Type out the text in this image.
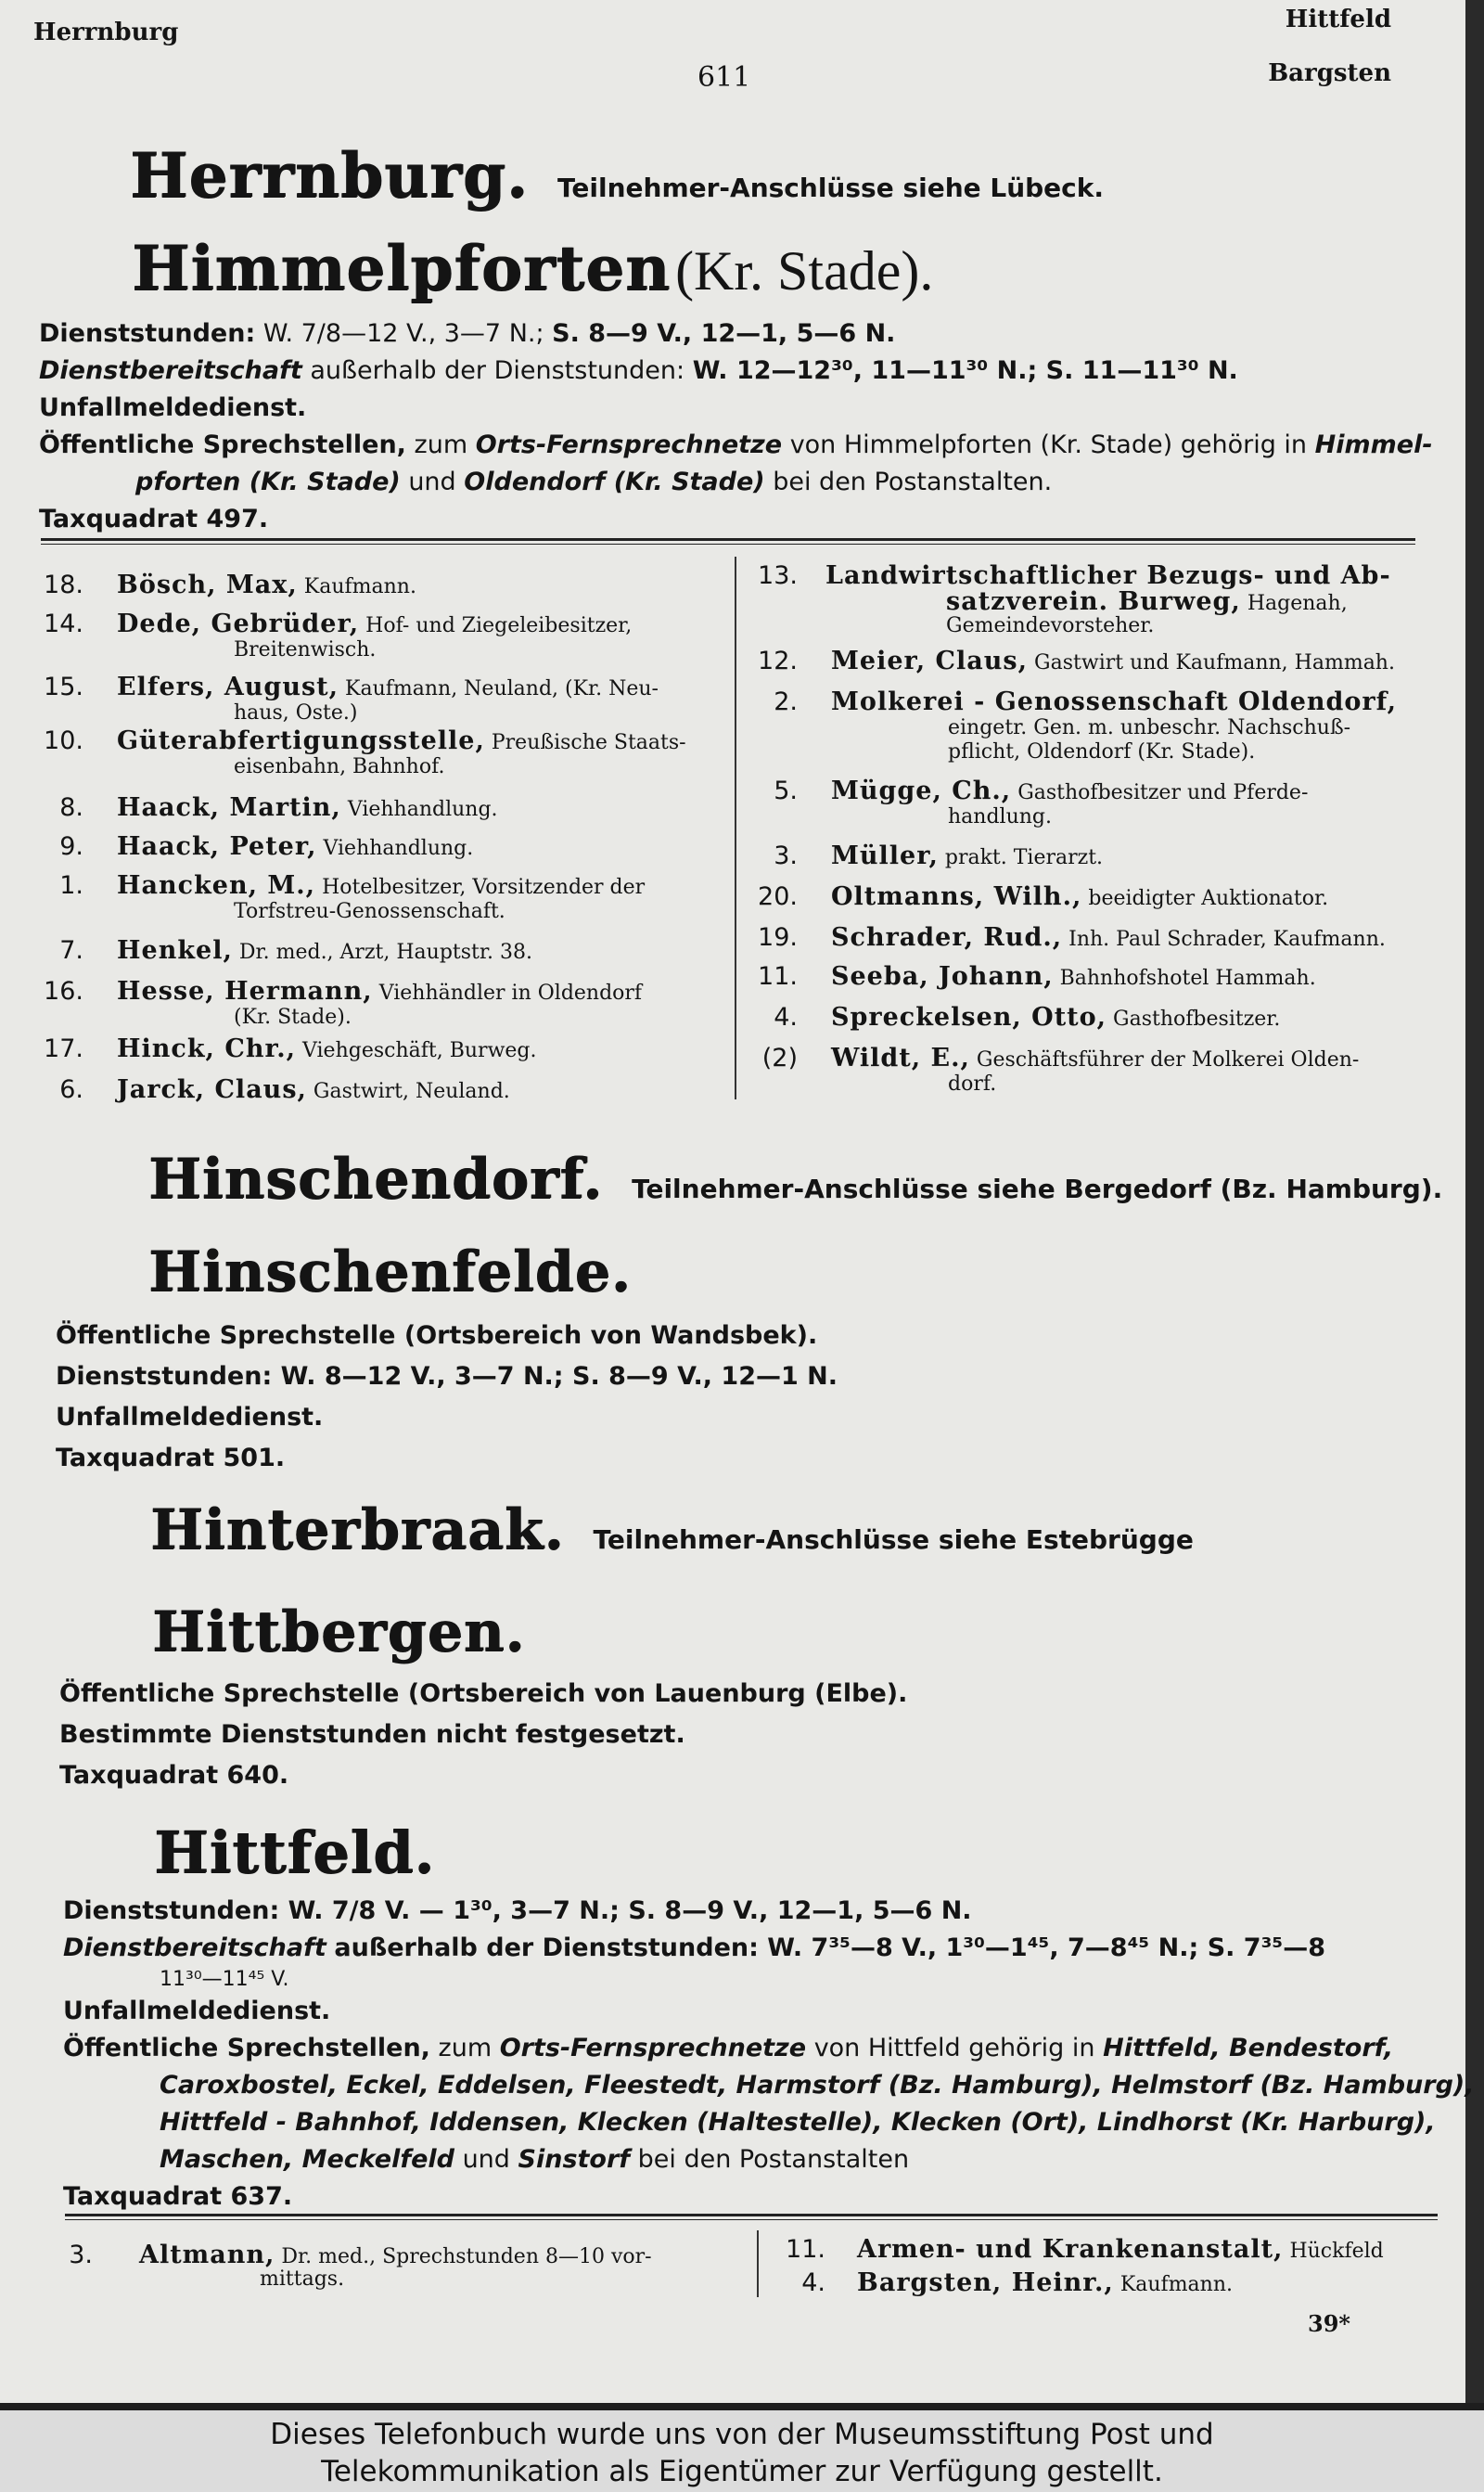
Herrnburg
611
Hittfeld
Bargsten
Herrnburg. Teilnehmer-Anschlüsse siehe Lübeck.
Himmelpforten (Kr. Stade).
Dienststunden: W. 7/8—12 V., 3—7 N.; S. 8—9 V., 12—1, 5—6 N.
Dienstbereitschaft außerhalb der Dienststunden: W. 12—12³⁰, 11—11³⁰ N.; S. 11—11³⁰ N.
Unfallmeldedienst.
Öffentliche Sprechstellen, zum Orts-Fernsprechnetze von Himmelpforten (Kr. Stade) gehörig in Himmel-
pforten (Kr. Stade) und Oldendorf (Kr. Stade) bei den Postanstalten.
Taxquadrat 497.
18. Bösch, Max, Kaufmann.
14. Dede, Gebrüder, Hof- und Ziegeleibesitzer,
Breitenwisch.
15. Elfers, August, Kaufmann, Neuland, (Kr. Neu-
haus, Oste.)
10. Güterabfertigungsstelle, Preußische Staats-
eisenbahn, Bahnhof.
8. Haack, Martin, Viehhandlung.
9. Haack, Peter, Viehhandlung.
1. Hancken, M., Hotelbesitzer, Vorsitzender der
Torfstreu-Genossenschaft.
7. Henkel, Dr. med., Arzt, Hauptstr. 38.
16. Hesse, Hermann, Viehhändler in Oldendorf
(Kr. Stade).
17. Hinck, Chr., Viehgeschäft, Burweg.
6. Jarck, Claus, Gastwirt, Neuland.
13. Landwirtschaftlicher Bezugs- und Ab-
satzverein. Burweg, Hagenah,
Gemeindevorsteher.
12. Meier, Claus, Gastwirt und Kaufmann, Hammah.
2. Molkerei - Genossenschaft Oldendorf,
eingetr. Gen. m. unbeschr. Nachschuß-
pflicht, Oldendorf (Kr. Stade).
5. Mügge, Ch., Gasthofbesitzer und Pferde-
handlung.
3. Müller, prakt. Tierarzt.
20. Oltmanns, Wilh., beeidigter Auktionator.
19. Schrader, Rud., Inh. Paul Schrader, Kaufmann.
11. Seeba, Johann, Bahnhofshotel Hammah.
4. Spreckelsen, Otto, Gasthofbesitzer.
(2) Wildt, E., Geschäftsführer der Molkerei Olden-
dorf.
Hinschendorf. Teilnehmer-Anschlüsse siehe Bergedorf (Bz. Hamburg).
Hinschenfelde.
Öffentliche Sprechstelle (Ortsbereich von Wandsbek).
Dienststunden: W. 8—12 V., 3—7 N.; S. 8—9 V., 12—1 N.
Unfallmeldedienst.
Taxquadrat 501.
Hinterbraak. Teilnehmer-Anschlüsse siehe Estebrügge
Hittbergen.
Öffentliche Sprechstelle (Ortsbereich von Lauenburg (Elbe).
Bestimmte Dienststunden nicht festgesetzt.
Taxquadrat 640.
Hittfeld.
Dienststunden: W. 7/8 V. — 1³⁰, 3—7 N.; S. 8—9 V., 12—1, 5—6 N.
Dienstbereitschaft außerhalb der Dienststunden: W. 7³⁵—8 V., 1³⁰—1⁴⁵, 7—8⁴⁵ N.; S. 7³⁵—8
11³⁰—11⁴⁵ V.
Unfallmeldedienst.
Öffentliche Sprechstellen, zum Orts-Fernsprechnetze von Hittfeld gehörig in Hittfeld, Bendestorf,
Caroxbostel, Eckel, Eddelsen, Fleestedt, Harmstorf (Bz. Hamburg), Helmstorf (Bz. Hamburg),
Hittfeld - Bahnhof, Iddensen, Klecken (Haltestelle), Klecken (Ort), Lindhorst (Kr. Harburg),
Maschen, Meckelfeld und Sinstorf bei den Postanstalten
Taxquadrat 637.
3. Altmann, Dr. med., Sprechstunden 8—10 vor-
mittags.
11. Armen- und Krankenanstalt, Hückfeld
4. Bargsten, Heinr., Kaufmann.
39*
Dieses Telefonbuch wurde uns von der Museumsstiftung Post und
Telekommunikation als Eigentümer zur Verfügung gestellt.
